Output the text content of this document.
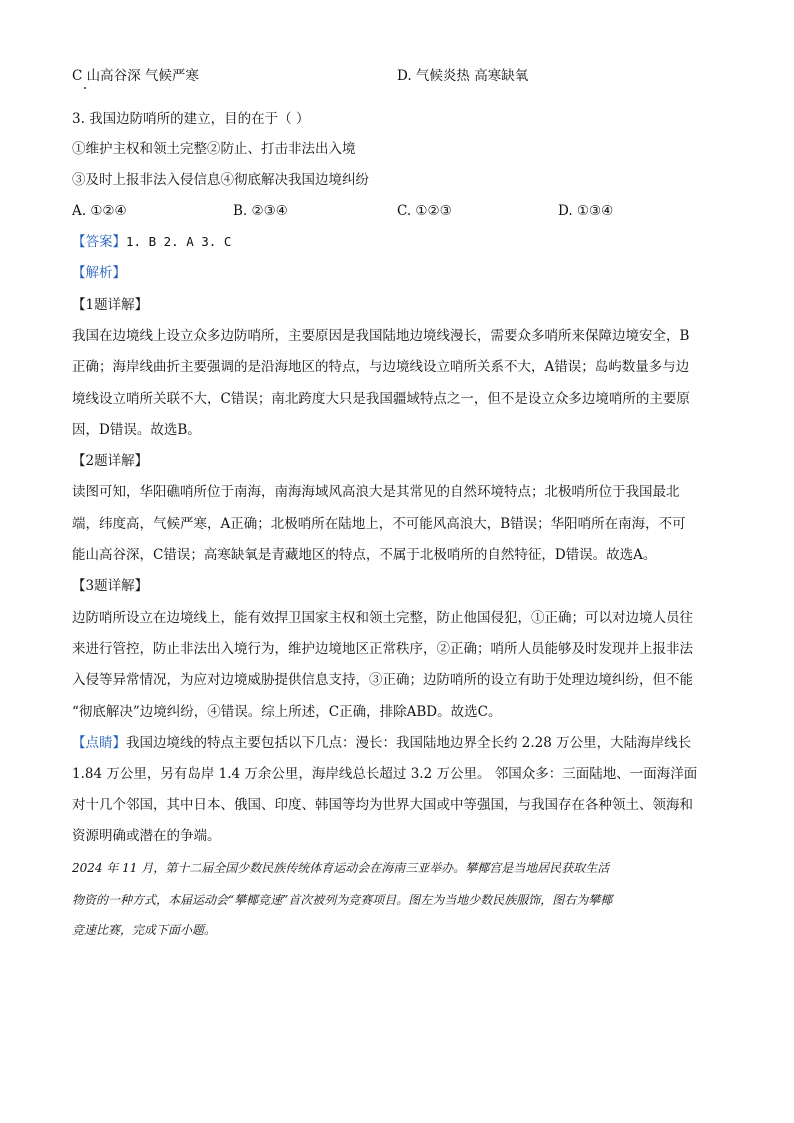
C 山高谷深 气候严寒	D. 气候炎热 高寒缺氧
3. 我国边防哨所的建立，目的在于（ ）
①维护主权和领土完整②防止、打击非法出入境
③及时上报非法入侵信息④彻底解决我国边境纠纷
A. ①②④	B. ②③④	C. ①②③	D. ①③④
【答案】1. B 2. A 3. C
【解析】
【1题详解】
我国在边境线上设立众多边防哨所，主要原因是我国陆地边境线漫长，需要众多哨所来保障边境安全，B
正确；海岸线曲折主要强调的是沿海地区的特点，与边境线设立哨所关系不大，A错误；岛屿数量多与边
境线设立哨所关联不大，C错误；南北跨度大只是我国疆域特点之一，但不是设立众多边境哨所的主要原
因，D错误。故选B。
【2题详解】
读图可知，华阳礁哨所位于南海，南海海域风高浪大是其常见的自然环境特点；北极哨所位于我国最北
端，纬度高，气候严寒，A正确；北极哨所在陆地上，不可能风高浪大，B错误；华阳哨所在南海，不可
能山高谷深，C错误；高寒缺氧是青藏地区的特点，不属于北极哨所的自然特征，D错误。故选A。
【3题详解】
边防哨所设立在边境线上，能有效捍卫国家主权和领土完整，防止他国侵犯，①正确；可以对边境人员往
来进行管控，防止非法出入境行为，维护边境地区正常秩序，②正确；哨所人员能够及时发现并上报非法
入侵等异常情况，为应对边境威胁提供信息支持，③正确；边防哨所的设立有助于处理边境纠纷，但不能
“彻底解决”边境纠纷，④错误。综上所述，C正确，排除ABD。故选C。
【点睛】我国边境线的特点主要包括以下几点：漫长：我国陆地边界全长约 2.28 万公里，大陆海岸线长
1.84 万公里，另有岛岸 1.4 万余公里，海岸线总长超过 3.2 万公里。 邻国众多：三面陆地、一面海洋面
对十几个邻国，其中日本、俄国、印度、韩国等均为世界大国或中等强国，与我国存在各种领土、领海和
资源明确或潜在的争端。
2024 年 11 月，第十二届全国少数民族传统体育运动会在海南三亚举办。攀椰宫是当地居民获取生活
物资的一种方式，本届运动会“攀椰竞速”首次被列为竞赛项目。图左为当地少数民族服饰，图右为攀椰
竞速比赛，完成下面小题。
